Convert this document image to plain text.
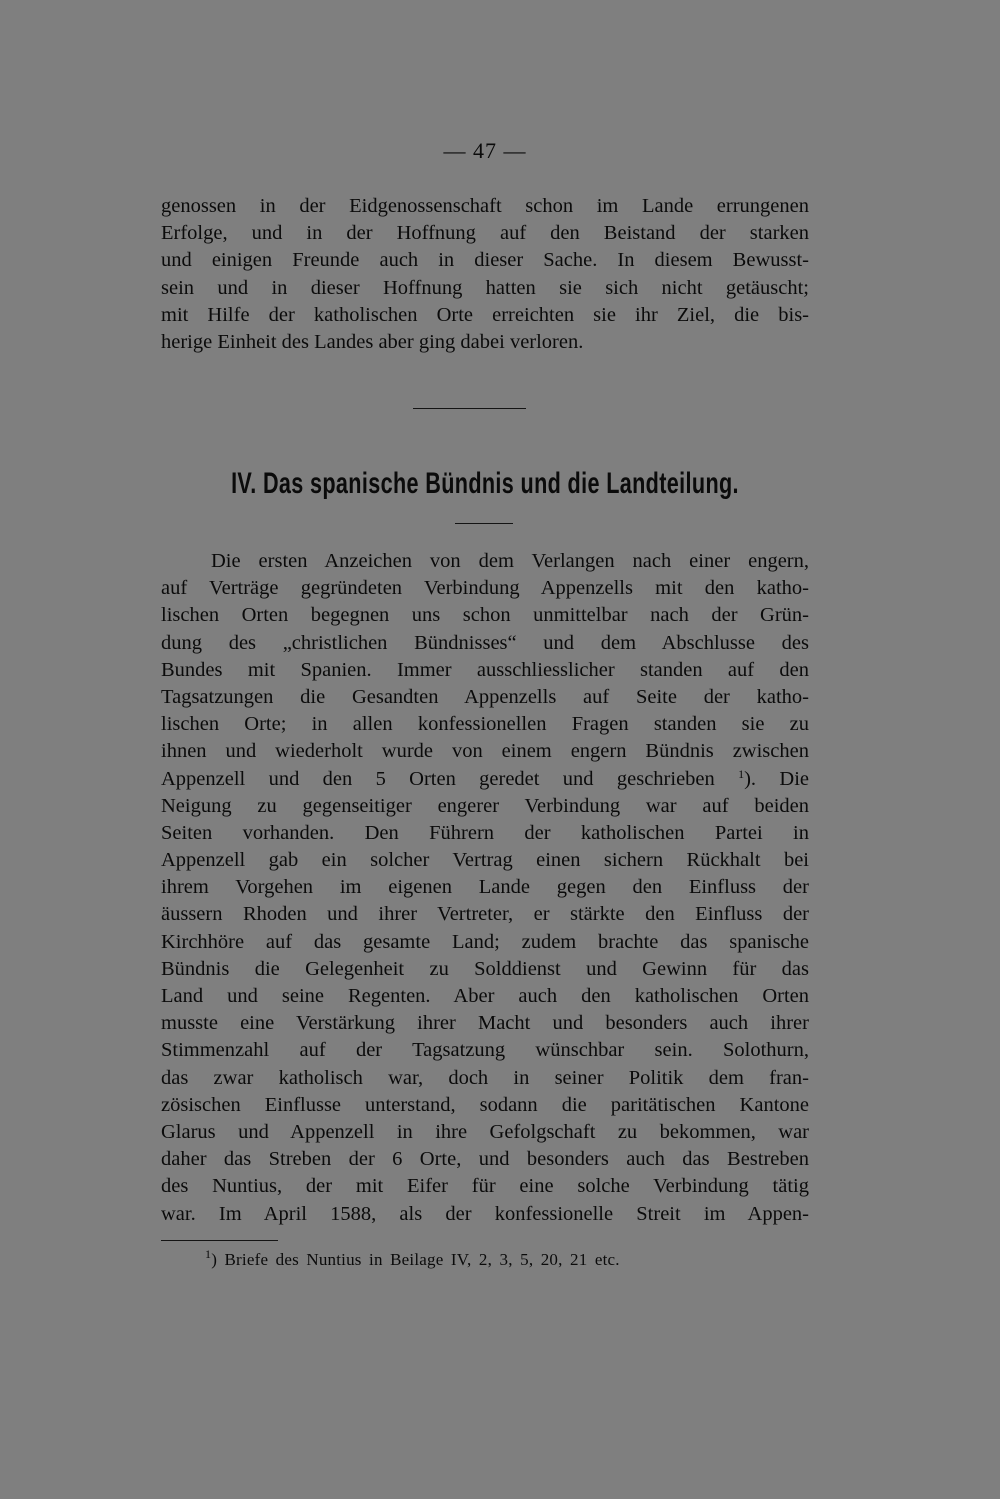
— 47 —
genossen in der Eidgenossenschaft schon im Lande errungenen
Erfolge, und in der Hoffnung auf den Beistand der starken
und einigen Freunde auch in dieser Sache. In diesem Bewusst-
sein und in dieser Hoffnung hatten sie sich nicht getäuscht;
mit Hilfe der katholischen Orte erreichten sie ihr Ziel, die bis-
herige Einheit des Landes aber ging dabei verloren.
IV. Das spanische Bündnis und die Landteilung.
Die ersten Anzeichen von dem Verlangen nach einer engern,
auf Verträge gegründeten Verbindung Appenzells mit den katho-
lischen Orten begegnen uns schon unmittelbar nach der Grün-
dung des „christlichen Bündnisses“ und dem Abschlusse des
Bundes mit Spanien. Immer ausschliesslicher standen auf den
Tagsatzungen die Gesandten Appenzells auf Seite der katho-
lischen Orte; in allen konfessionellen Fragen standen sie zu
ihnen und wiederholt wurde von einem engern Bündnis zwischen
Appenzell und den 5 Orten geredet und geschrieben $^1$). Die
Neigung zu gegenseitiger engerer Verbindung war auf beiden
Seiten vorhanden. Den Führern der katholischen Partei in
Appenzell gab ein solcher Vertrag einen sichern Rückhalt bei
ihrem Vorgehen im eigenen Lande gegen den Einfluss der
äussern Rhoden und ihrer Vertreter, er stärkte den Einfluss der
Kirchhöre auf das gesamte Land; zudem brachte das spanische
Bündnis die Gelegenheit zu Solddienst und Gewinn für das
Land und seine Regenten. Aber auch den katholischen Orten
musste eine Verstärkung ihrer Macht und besonders auch ihrer
Stimmenzahl auf der Tagsatzung wünschbar sein. Solothurn,
das zwar katholisch war, doch in seiner Politik dem fran-
zösischen Einflusse unterstand, sodann die paritätischen Kantone
Glarus und Appenzell in ihre Gefolgschaft zu bekommen, war
daher das Streben der 6 Orte, und besonders auch das Bestreben
des Nuntius, der mit Eifer für eine solche Verbindung tätig
war. Im April 1588, als der konfessionelle Streit im Appen-
$^1$) Briefe des Nuntius in Beilage IV, 2, 3, 5, 20, 21 etc.
